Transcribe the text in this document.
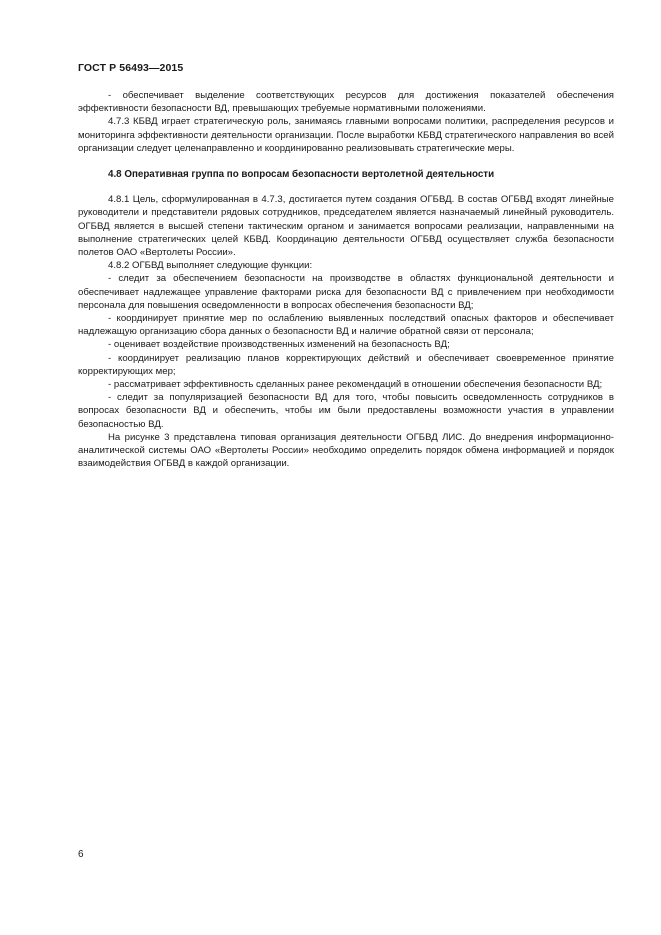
ГОСТ Р 56493—2015

- обеспечивает выделение соответствующих ресурсов для достижения показателей обеспечения эффективности безопасности ВД, превышающих требуемые нормативными положениями.

4.7.3 КБВД играет стратегическую роль, занимаясь главными вопросами политики, распределения ресурсов и мониторинга эффективности деятельности организации. После выработки КБВД стратегического направления во всей организации следует целенаправленно и координированно реализовывать стратегические меры.

4.8 Оперативная группа по вопросам безопасности вертолетной деятельности

4.8.1 Цель, сформулированная в 4.7.3, достигается путем создания ОГБВД. В состав ОГБВД входят линейные руководители и представители рядовых сотрудников, председателем является назначаемый линейный руководитель. ОГБВД является в высшей степени тактическим органом и занимается вопросами реализации, направленными на выполнение стратегических целей КБВД. Координацию деятельности ОГБВД осуществляет служба безопасности полетов ОАО «Вертолеты России».

4.8.2 ОГБВД выполняет следующие функции:

- следит за обеспечением безопасности на производстве в областях функциональной деятельности и обеспечивает надлежащее управление факторами риска для безопасности ВД с привлечением при необходимости персонала для повышения осведомленности в вопросах обеспечения безопасности ВД;

- координирует принятие мер по ослаблению выявленных последствий опасных факторов и обеспечивает надлежащую организацию сбора данных о безопасности ВД и наличие обратной связи от персонала;

- оценивает воздействие производственных изменений на безопасность ВД;

- координирует реализацию планов корректирующих действий и обеспечивает своевременное принятие корректирующих мер;

- рассматривает эффективность сделанных ранее рекомендаций в отношении обеспечения безопасности ВД;

- следит за популяризацией безопасности ВД для того, чтобы повысить осведомленность сотрудников в вопросах безопасности ВД и обеспечить, чтобы им были предоставлены возможности участия в управлении безопасностью ВД.

На рисунке 3 представлена типовая организация деятельности ОГБВД ЛИС. До внедрения информационно-аналитической системы ОАО «Вертолеты России» необходимо определить порядок обмена информацией и порядок взаимодействия ОГБВД в каждой организации.

6
